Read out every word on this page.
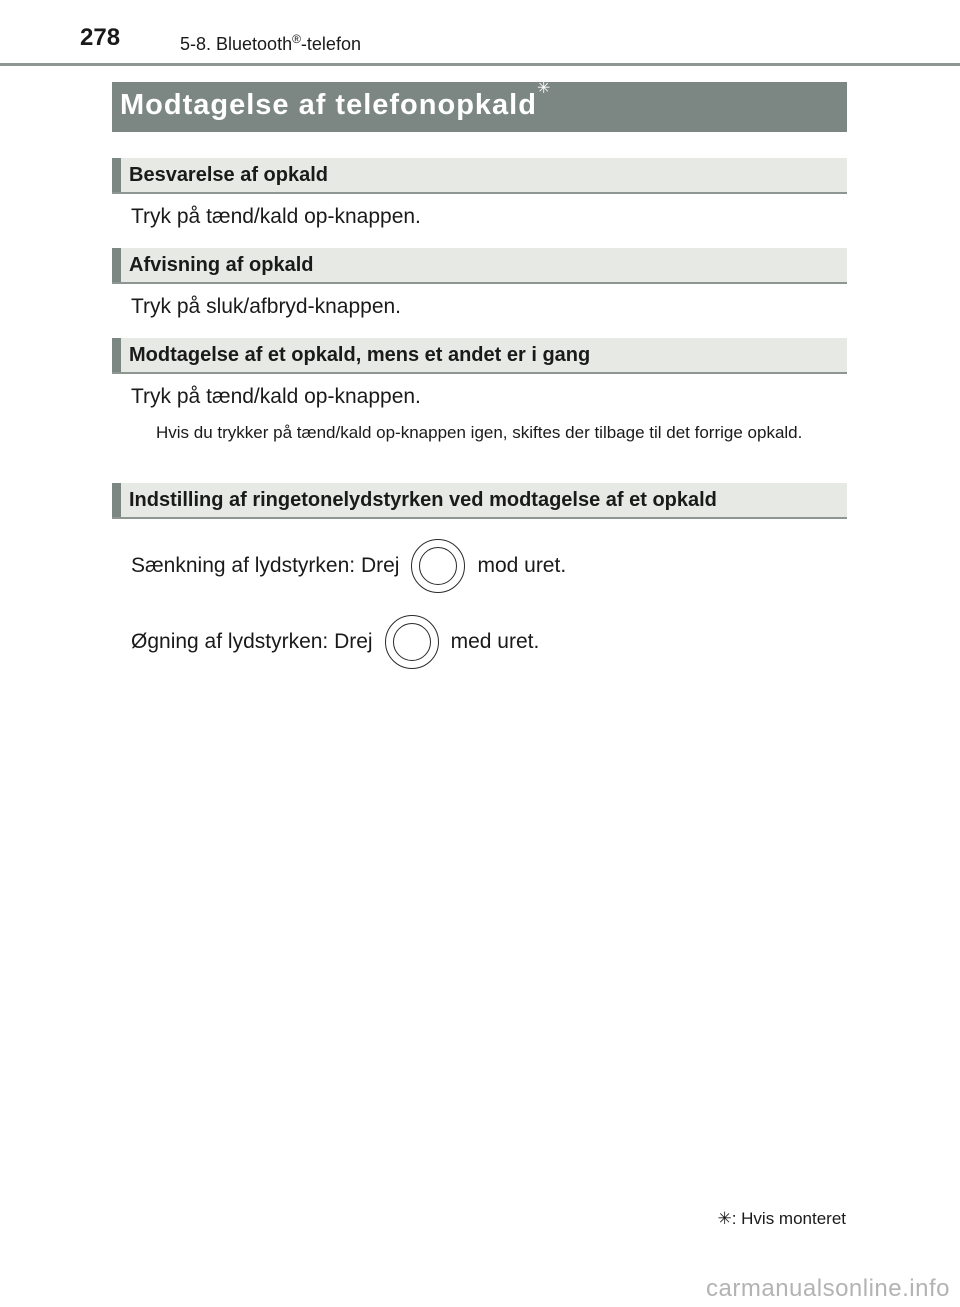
278	5-8. Bluetooth®-telefon
Modtagelse af telefonopkald✳
Besvarelse af opkald
Tryk på tænd/kald op-knappen.
Afvisning af opkald
Tryk på sluk/afbryd-knappen.
Modtagelse af et opkald, mens et andet er i gang
Tryk på tænd/kald op-knappen.
Hvis du trykker på tænd/kald op-knappen igen, skiftes der tilbage til det forrige opkald.
Indstilling af ringetonelydstyrken ved modtagelse af et opkald
Sænkning af lydstyrken: Drej	mod uret.
Øgning af lydstyrken: Drej	med uret.
✳: Hvis monteret
carmanualsonline.info
